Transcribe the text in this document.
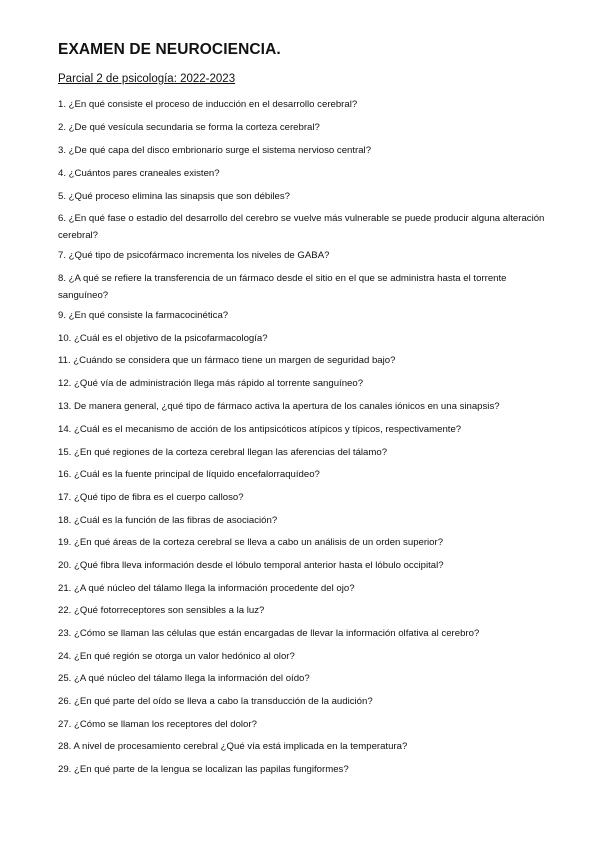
EXAMEN DE NEUROCIENCIA.
Parcial 2 de psicología: 2022-2023
1. ¿En qué consiste el proceso de inducción en el desarrollo cerebral?
2. ¿De qué vesícula secundaria se forma la corteza cerebral?
3. ¿De qué capa del disco embrionario surge el sistema nervioso central?
4. ¿Cuántos pares craneales existen?
5. ¿Qué proceso elimina las sinapsis que son débiles?
6. ¿En qué fase o estadio del desarrollo del cerebro se vuelve más vulnerable se puede producir alguna alteración cerebral?
7. ¿Qué tipo de psicofármaco incrementa los niveles de GABA?
8. ¿A qué se refiere la transferencia de un fármaco desde el sitio en el que se administra hasta el torrente sanguíneo?
9. ¿En qué consiste la farmacocinética?
10. ¿Cuál es el objetivo de la psicofarmacología?
11. ¿Cuándo se considera que un fármaco tiene un margen de seguridad bajo?
12. ¿Qué vía de administración llega más rápido al torrente sanguíneo?
13. De manera general, ¿qué tipo de fármaco activa la apertura de los canales iónicos en una sinapsis?
14. ¿Cuál es el mecanismo de acción de los antipsicóticos atípicos y típicos, respectivamente?
15. ¿En qué regiones de la corteza cerebral llegan las aferencias del tálamo?
16. ¿Cuál es la fuente principal de líquido encefalorraquídeo?
17. ¿Qué tipo de fibra es el cuerpo calloso?
18. ¿Cuál es la función de las fibras de asociación?
19. ¿En qué áreas de la corteza cerebral se lleva a cabo un análisis de un orden superior?
20. ¿Qué fibra lleva información desde el lóbulo temporal anterior hasta el lóbulo occipital?
21. ¿A qué núcleo del tálamo llega la información procedente del ojo?
22. ¿Qué fotorreceptores son sensibles a la luz?
23. ¿Cómo se llaman las células que están encargadas de llevar la información olfativa al cerebro?
24. ¿En qué región se otorga un valor hedónico al olor?
25. ¿A qué núcleo del tálamo llega la información del oído?
26. ¿En qué parte del oído se lleva a cabo la transducción de la audición?
27. ¿Cómo se llaman los receptores del dolor?
28. A nivel de procesamiento cerebral ¿Qué vía está implicada en la temperatura?
29. ¿En qué parte de la lengua se localizan las papilas fungiformes?
